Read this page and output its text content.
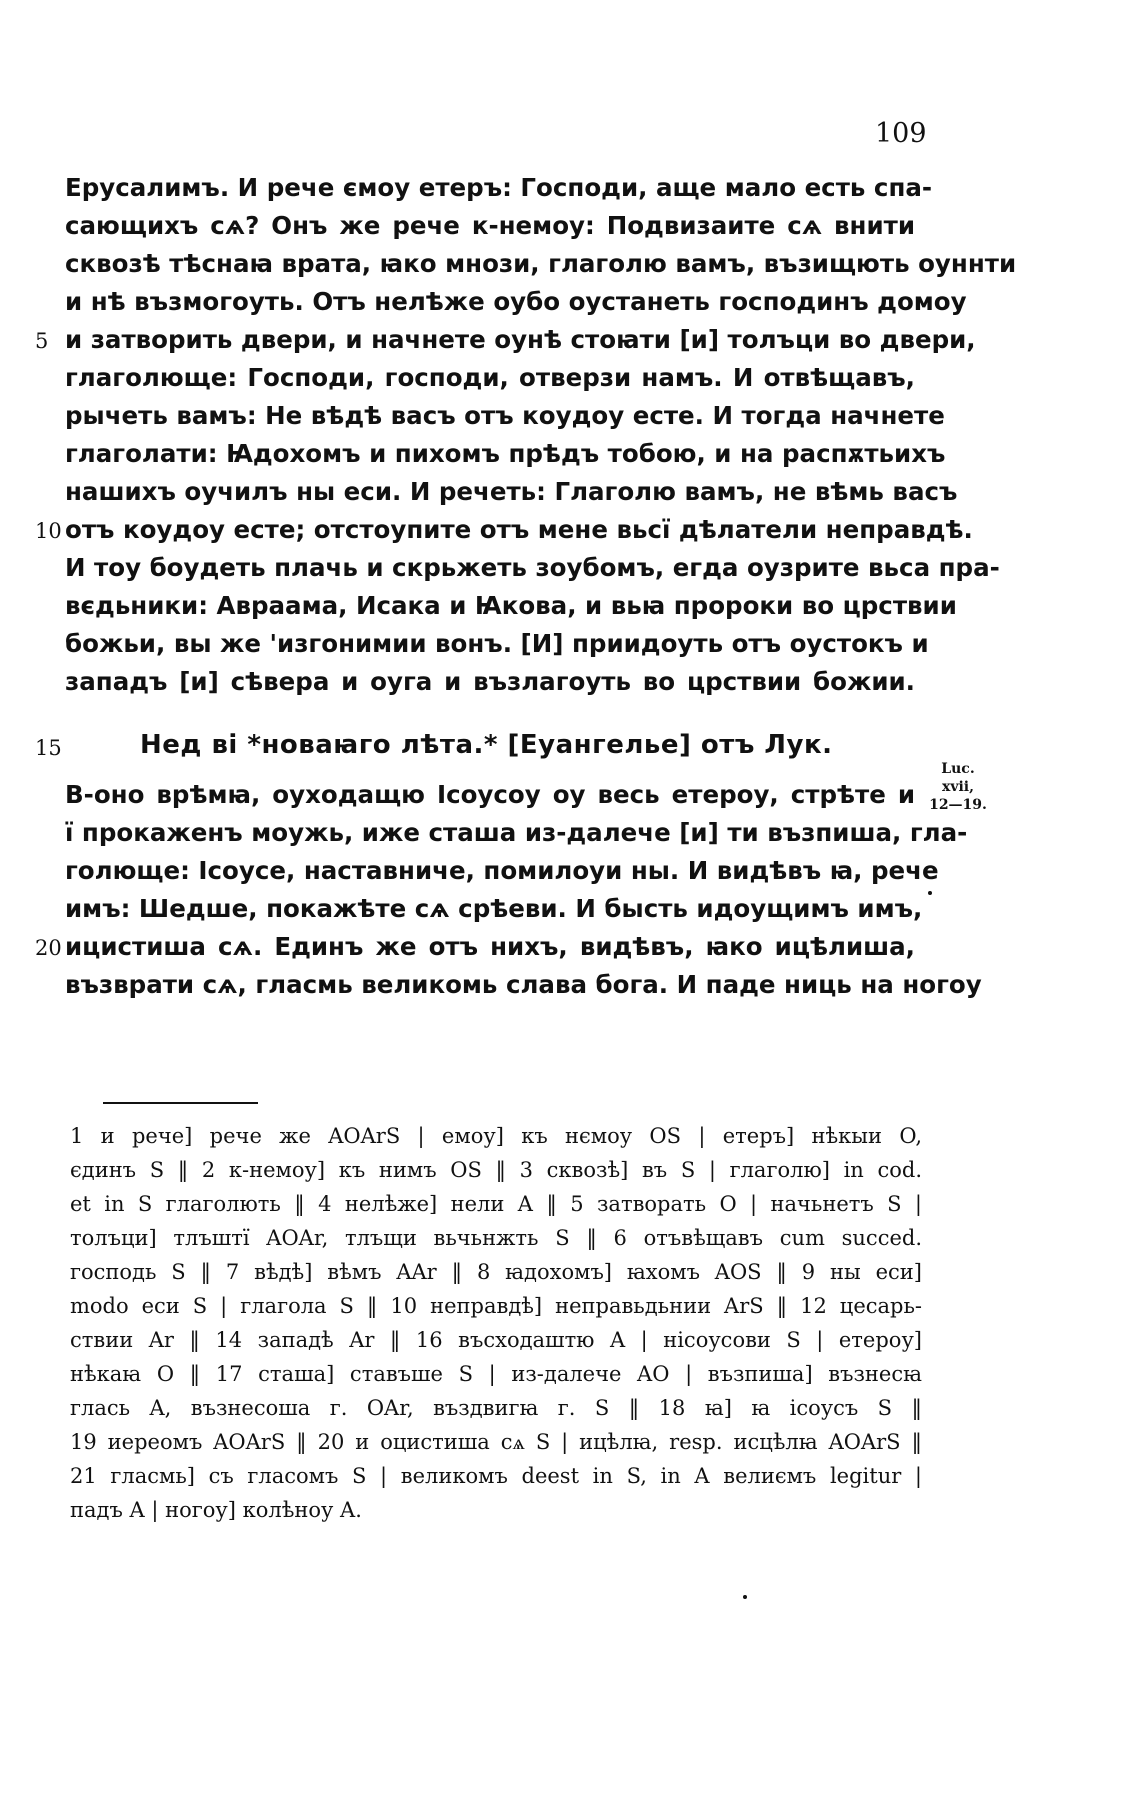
109
Ерусалимъ. И рече ємоу етеръ: Господи, аще мало есть спа-
сающихъ сѧ? Онъ же рече к-немоу: Подвизаите сѧ внити
сквозѣ тѣснаꙗ врата, ꙗко мнози, глаголю вамъ, възищють оуннти
и нѣ възмогоуть. Отъ нелѣже оубо оустанеть господинъ домоу
и затворить двери, и начнете оунѣ стоꙗти [и] толъци во двери,
глаголюще: Господи, господи, отверзи намъ. И отвѣщавъ,
рычеть вамъ: Не вѣдѣ васъ отъ коудоу есте. И тогда начнете
глаголати: Ꙗдохомъ и пихомъ прѣдъ тобою, и на распѫтьихъ
нашихъ оучилъ ны еси. И речеть: Глаголю вамъ, не вѣмь васъ
отъ коудоу есте; отстоупите отъ мене вьсї дѣлатели неправдѣ.
И тоу боудеть плачь и скрьжеть зоубомъ, егда оузрите вьса пра-
вєдьники: Авраама, Исака и Ꙗкова, и вьꙗ пророки во црствии
божьи, вы же 'изгонимии вонъ. [И] приидоуть отъ оустокъ и
западъ [и] сѣвера и оуга и възлагоуть во црствии божии.
5
10
15	Нед ві *новаꙗго лѣта.* [Еуангелье] отъ Лук.
В-оно врѣмꙗ, оуходащю Ісоусоу оу весь етероу, стрѣте и
ї прокаженъ моужь, иже сташа из-далече [и] ти възпиша, гла-
голюще: Ісоусе, наставниче, помилоуи ны. И видѣвъ ꙗ, рече
имъ: Шедше, покажѣте сѧ срѣеви. И бысть идоущимъ имъ,
ицистиша сѧ. Единъ же отъ нихъ, видѣвъ, ꙗко ицѣлиша,
възврати сѧ, гласмь великомь слава бога. И паде ниць на ногоу
20
Luc.
xvii,
12—19.
1 и рече] рече же AOArS | емоу] къ нємоу OS | етеръ] нѣкыи O,
єдинъ S ‖ 2 к-немоу] къ нимъ OS ‖ 3 сквозѣ] въ S | глаголю] in cod.
et in S глаголють ‖ 4 нелѣже] нели A ‖ 5 затворать O | начьнетъ S |
толъци] тлъштї AOAr, тлъщи вьчьнжть S ‖ 6 отъвѣщавъ cum succed.
господь S ‖ 7 вѣдѣ] вѣмъ AAr ‖ 8 ꙗдохомъ] ꙗхомъ AOS ‖ 9 ны еси]
modo еси S | глагола S ‖ 10 неправдѣ] неправьдьнии ArS ‖ 12 цесарь-
ствии Ar ‖ 14 западѣ Ar ‖ 16 въсходаштю A | нісоусови S | етероу]
нѣкаꙗ O ‖ 17 сташа] ставъше S | из-далече AO | възпиша] възнесꙗ
глась A, възнесоша г. OAr, въздвигꙗ г. S ‖ 18 ꙗ] ꙗ ісоусъ S ‖
19 иереомъ AOArS ‖ 20 и оцистиша сѧ S | ицѣлꙗ, resp. исцѣлꙗ AOArS ‖
21 гласмь] съ гласомъ S | великомъ deest in S, in A велиємъ legitur |
падъ A | ногоу] колѣноу A.
